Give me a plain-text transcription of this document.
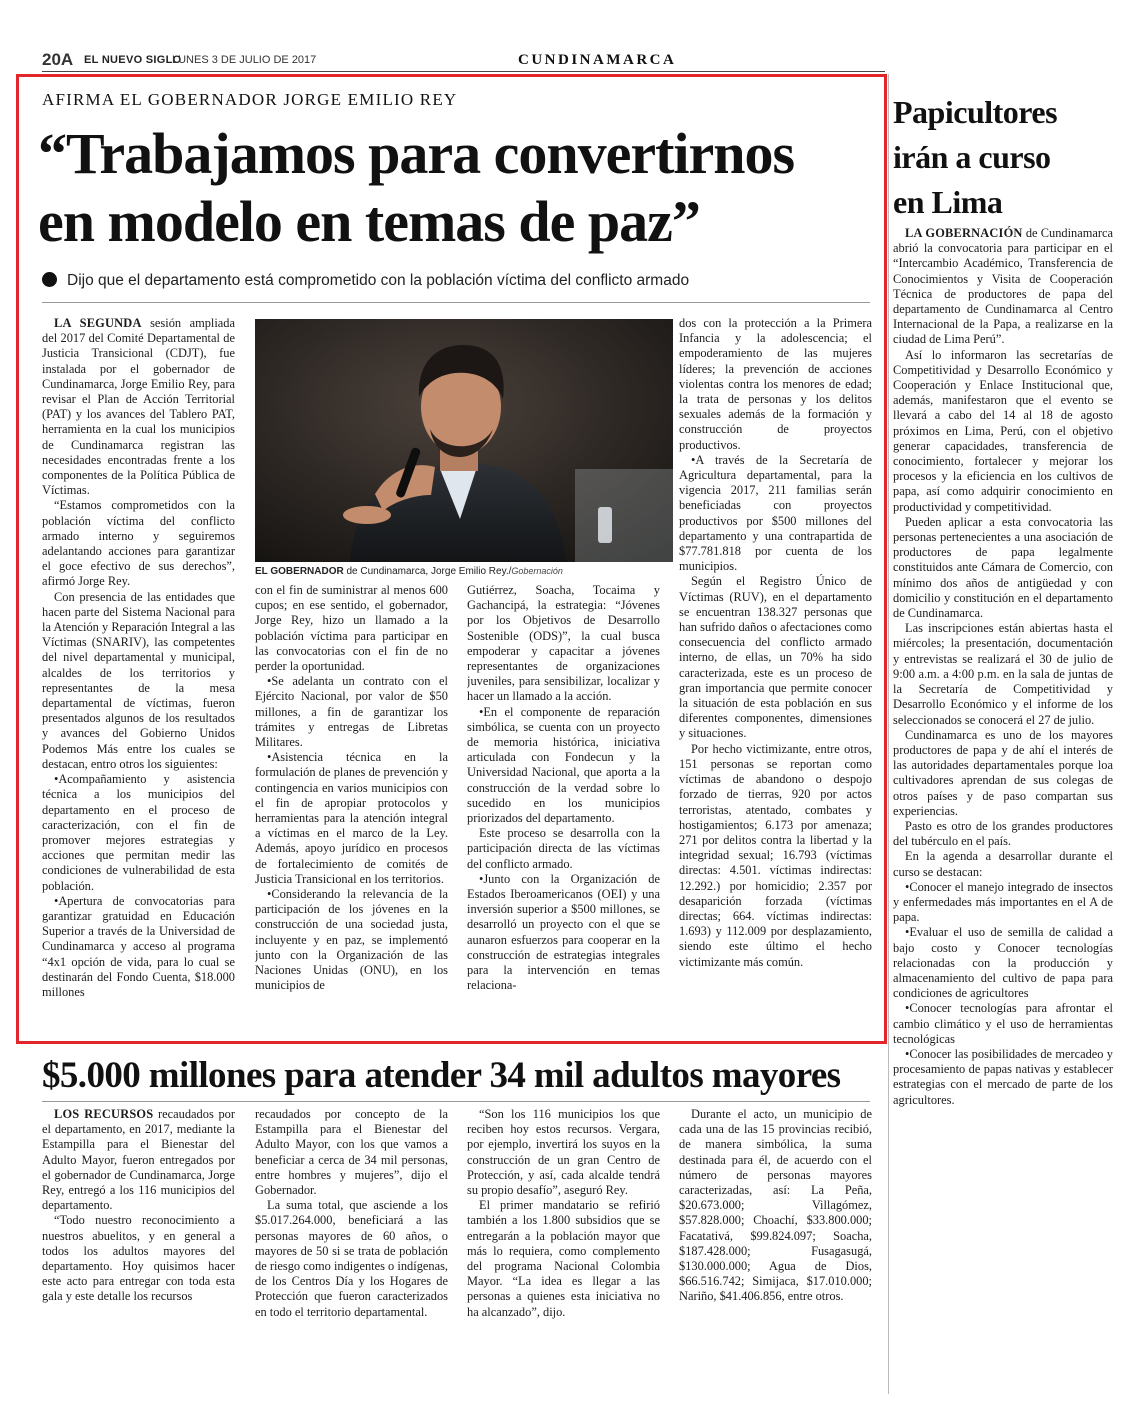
20A EL NUEVO SIGLO
LUNES 3 DE JULIO DE 2017	CUNDINAMARCA
AFIRMA EL GOBERNADOR JORGE EMILIO REY
“Trabajamos para convertirnos
en modelo en temas de paz”
Dijo que el departamento está comprometido con la población víctima del conflicto armado

LA SEGUNDA sesión ampliada del 2017 del Comité Departamental de Justicia Transicional (CDJT), fue instalada por el gobernador de Cundinamarca, Jorge Emilio Rey, para revisar el Plan de Acción Territorial (PAT) y los avances del Tablero PAT, herramienta en la cual los municipios de Cundinamarca registran las necesidades encontradas frente a los componentes de la Política Pública de Víctimas.

“Estamos comprometidos con la población víctima del conflicto armado interno y seguiremos adelantando acciones para garantizar el goce efectivo de sus derechos”, afirmó Jorge Rey.

Con presencia de las entidades que hacen parte del Sistema Nacional para la Atención y Reparación Integral a las Víctimas (SNARIV), las competentes del nivel departamental y municipal, alcaldes de los territorios y representantes de la mesa departamental de víctimas, fueron presentados algunos de los resultados y avances del Gobierno Unidos Podemos Más entre los cuales se destacan, entro otros los siguientes:

•Acompañamiento y asistencia técnica a los municipios del departamento en el proceso de caracterización, con el fin de promover mejores estrategias y acciones que permitan medir las condiciones de vulnerabilidad de esta población.

•Apertura de convocatorias para garantizar gratuidad en Educación Superior a través de la Universidad de Cundinamarca y acceso al programa “4x1 opción de vida, para lo cual se destinarán del Fondo Cuenta, $18.000 millones

EL GOBERNADOR de Cundinamarca, Jorge Emilio Rey./Gobernación

con el fin de suministrar al menos 600 cupos; en ese sentido, el gobernador, Jorge Rey, hizo un llamado a la población víctima para participar en las convocatorias con el fin de no perder la oportunidad.

•Se adelanta un contrato con el Ejército Nacional, por valor de $50 millones, a fin de garantizar los trámites y entregas de Libretas Militares.

•Asistencia técnica en la formulación de planes de prevención y contingencia en varios municipios con el fin de apropiar protocolos y herramientas para la atención integral a víctimas en el marco de la Ley. Además, apoyo jurídico en procesos de fortalecimiento de comités de Justicia Transicional en los territorios.

•Considerando la relevancia de la participación de los jóvenes en la construcción de una sociedad justa, incluyente y en paz, se implementó junto con la Organización de las Naciones Unidas (ONU), en los municipios de

Gutiérrez, Soacha, Tocaima y Gachancipá, la estrategia: “Jóvenes por los Objetivos de Desarrollo Sostenible (ODS)”, la cual busca empoderar y capacitar a jóvenes representantes de organizaciones juveniles, para sensibilizar, localizar y hacer un llamado a la acción.

•En el componente de reparación simbólica, se cuenta con un proyecto de memoria histórica, iniciativa articulada con Fondecun y la Universidad Nacional, que aporta a la construcción de la verdad sobre lo sucedido en los municipios priorizados del departamento.

Este proceso se desarrolla con la participación directa de las víctimas del conflicto armado.

•Junto con la Organización de Estados Iberoamericanos (OEI) y una inversión superior a $500 millones, se desarrolló un proyecto con el que se aunaron esfuerzos para cooperar en la construcción de estrategias integrales para la intervención en temas relaciona-

dos con la protección a la Primera Infancia y la adolescencia; el empoderamiento de las mujeres líderes; la prevención de acciones violentas contra los menores de edad; la trata de personas y los delitos sexuales además de la formación y construcción de proyectos productivos.

•A través de la Secretaría de Agricultura departamental, para la vigencia 2017, 211 familias serán beneficiadas con proyectos productivos por $500 millones del departamento y una contrapartida de $77.781.818 por cuenta de los municipios.

Según el Registro Único de Víctimas (RUV), en el departamento se encuentran 138.327 personas que han sufrido daños o afectaciones como consecuencia del conflicto armado interno, de ellas, un 70% ha sido caracterizada, este es un proceso de gran importancia que permite conocer la situación de esta población en sus diferentes componentes, dimensiones y situaciones.

Por hecho victimizante, entre otros, 151 personas se reportan como víctimas de abandono o despojo forzado de tierras, 920 por actos terroristas, atentado, combates y hostigamientos; 6.173 por amenaza; 271 por delitos contra la libertad y la integridad sexual; 16.793 (víctimas directas: 4.501. víctimas indirectas: 12.292.) por homicidio; 2.357 por desaparición forzada (víctimas directas; 664. víctimas indirectas: 1.693) y 112.009 por desplazamiento, siendo este último el hecho victimizante más común.

Papicultores
irán a curso
en Lima

LA GOBERNACIÓN de Cundinamarca abrió la convocatoria para participar en el “Intercambio Académico, Transferencia de Conocimientos y Visita de Cooperación Técnica de productores de papa del departamento de Cundinamarca al Centro Internacional de la Papa, a realizarse en la ciudad de Lima Perú”.

Así lo informaron las secretarías de Competitividad y Desarrollo Económico y Cooperación y Enlace Institucional que, además, manifestaron que el evento se llevará a cabo del 14 al 18 de agosto próximos en Lima, Perú, con el objetivo generar capacidades, transferencia de conocimiento, fortalecer y mejorar los procesos y la eficiencia en los cultivos de papa, así como adquirir conocimiento en productividad y competitividad.

Pueden aplicar a esta convocatoria las personas pertenecientes a una asociación de productores de papa legalmente constituidos ante Cámara de Comercio, con mínimo dos años de antigüedad y con domicilio y constitución en el departamento de Cundinamarca.

Las inscripciones están abiertas hasta el miércoles; la presentación, documentación y entrevistas se realizará el 30 de julio de 9:00 a.m. a 4:00 p.m. en la sala de juntas de la Secretaría de Competitividad y Desarrollo Económico y el informe de los seleccionados se conocerá el 27 de julio.

Cundinamarca es uno de los mayores productores de papa y de ahí el interés de las autoridades departamentales porque loa cultivadores aprendan de sus colegas de otros países y de paso compartan sus experiencias.

Pasto es otro de los grandes productores del tubérculo en el país.

En la agenda a desarrollar durante el curso se destacan:

•Conocer el manejo integrado de insectos y enfermedades más importantes en el A de papa.

•Evaluar el uso de semilla de calidad a bajo costo y Conocer tecnologías relacionadas con la producción y almacenamiento del cultivo de papa para condiciones de agricultores

•Conocer tecnologías para afrontar el cambio climático y el uso de herramientas tecnológicas

•Conocer las posibilidades de mercadeo y procesamiento de papas nativas y establecer estrategias con el mercado de parte de los agricultores.

$5.000 millones para atender 34 mil adultos mayores

LOS RECURSOS recaudados por el departamento, en 2017, mediante la Estampilla para el Bienestar del Adulto Mayor, fueron entregados por el gobernador de Cundinamarca, Jorge Rey, entregó a los 116 municipios del departamento.

“Todo nuestro reconocimiento a nuestros abuelitos, y en general a todos los adultos mayores del departamento. Hoy quisimos hacer este acto para entregar con toda esta gala y este detalle los recursos

recaudados por concepto de la Estampilla para el Bienestar del Adulto Mayor, con los que vamos a beneficiar a cerca de 34 mil personas, entre hombres y mujeres”, dijo el Gobernador.

La suma total, que asciende a los $5.017.264.000, beneficiará a las personas mayores de 60 años, o mayores de 50 si se trata de población de riesgo como indigentes o indígenas, de los Centros Día y los Hogares de Protección que fueron caracterizados en todo el territorio departamental.

“Son los 116 municipios los que reciben hoy estos recursos. Vergara, por ejemplo, invertirá los suyos en la construcción de un gran Centro de Protección, y así, cada alcalde tendrá su propio desafío”, aseguró Rey.

El primer mandatario se refirió también a los 1.800 subsidios que se entregarán a la población mayor que más lo requiera, como complemento del programa Nacional Colombia Mayor. “La idea es llegar a las personas a quienes esta iniciativa no ha alcanzado”, dijo.

Durante el acto, un municipio de cada una de las 15 provincias recibió, de manera simbólica, la suma destinada para él, de acuerdo con el número de personas mayores caracterizadas, así: La Peña, $20.673.000; Villagómez, $57.828.000; Choachí, $33.800.000; Facatativá, $99.824.097; Soacha, $187.428.000; Fusagasugá, $130.000.000; Agua de Dios, $66.516.742; Simijaca, $17.010.000; Nariño, $41.406.856, entre otros.
